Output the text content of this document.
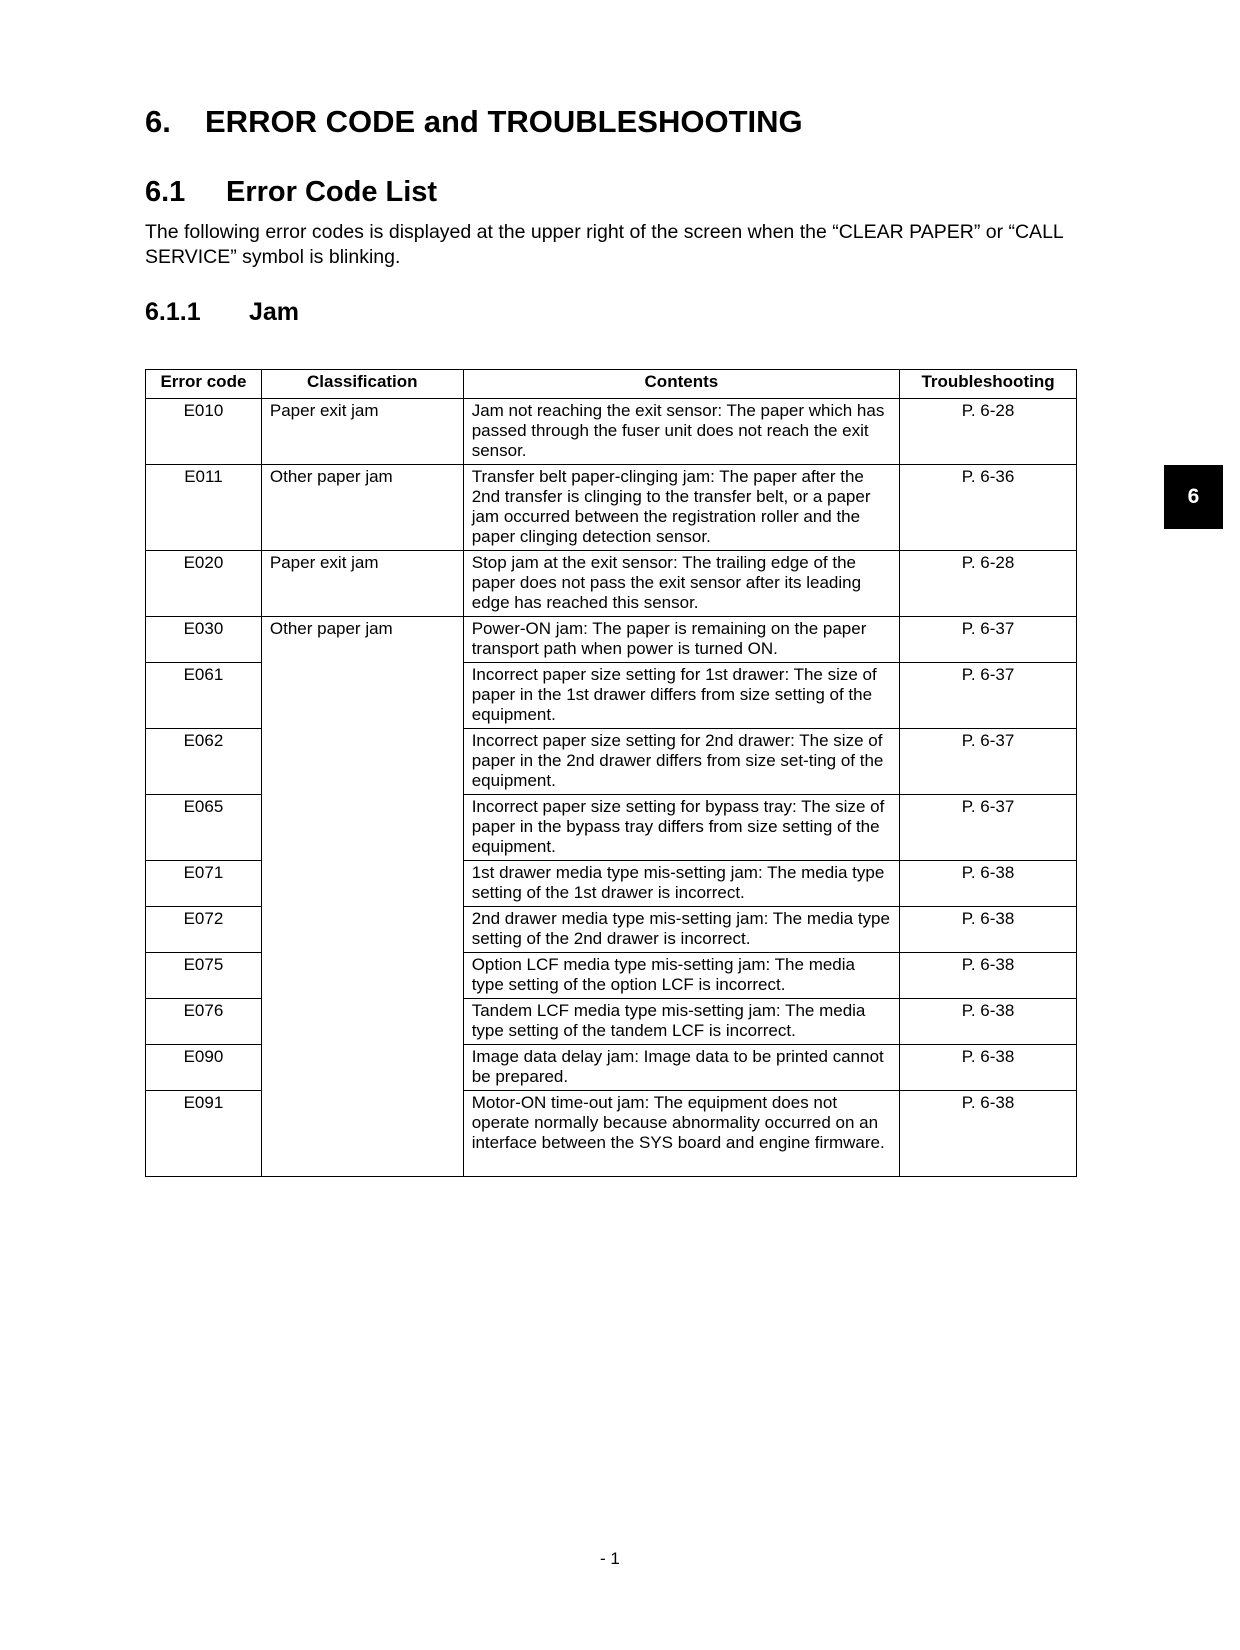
6. ERROR CODE and TROUBLESHOOTING
6.1 Error Code List

The following error codes is displayed at the upper right of the screen when the “CLEAR PAPER” or “CALL SERVICE” symbol is blinking.

6.1.1 Jam
6
Error code	Classification	Contents	Troubleshooting
E010	Paper exit jam	Jam not reaching the exit sensor: The paper which has passed through the fuser unit does not reach the exit sensor.	P. 6-28
E011	Other paper jam	Transfer belt paper-clinging jam: The paper after the 2nd transfer is clinging to the transfer belt, or a paper jam occurred between the registration roller and the paper clinging detection sensor.	P. 6-36
E020	Paper exit jam	Stop jam at the exit sensor: The trailing edge of the paper does not pass the exit sensor after its leading edge has reached this sensor.	P. 6-28
E030	Other paper jam	Power-ON jam: The paper is remaining on the paper transport path when power is turned ON.	P. 6-37
E061		Incorrect paper size setting for 1st drawer: The size of paper in the 1st drawer differs from size setting of the equipment.	P. 6-37
E062		Incorrect paper size setting for 2nd drawer: The size of paper in the 2nd drawer differs from size set-ting of the equipment.	P. 6-37
E065		Incorrect paper size setting for bypass tray: The size of paper in the bypass tray differs from size setting of the equipment.	P. 6-37
E071		1st drawer media type mis-setting jam: The media type setting of the 1st drawer is incorrect.	P. 6-38
E072		2nd drawer media type mis-setting jam: The media type setting of the 2nd drawer is incorrect.	P. 6-38
E075		Option LCF media type mis-setting jam: The media type setting of the option LCF is incorrect.	P. 6-38
E076		Tandem LCF media type mis-setting jam: The media type setting of the tandem LCF is incorrect.	P. 6-38
E090		Image data delay jam: Image data to be printed cannot be prepared.	P. 6-38
E091		Motor-ON time-out jam: The equipment does not operate normally because abnormality occurred on an interface between the SYS board and engine firmware.	P. 6-38
- 1
